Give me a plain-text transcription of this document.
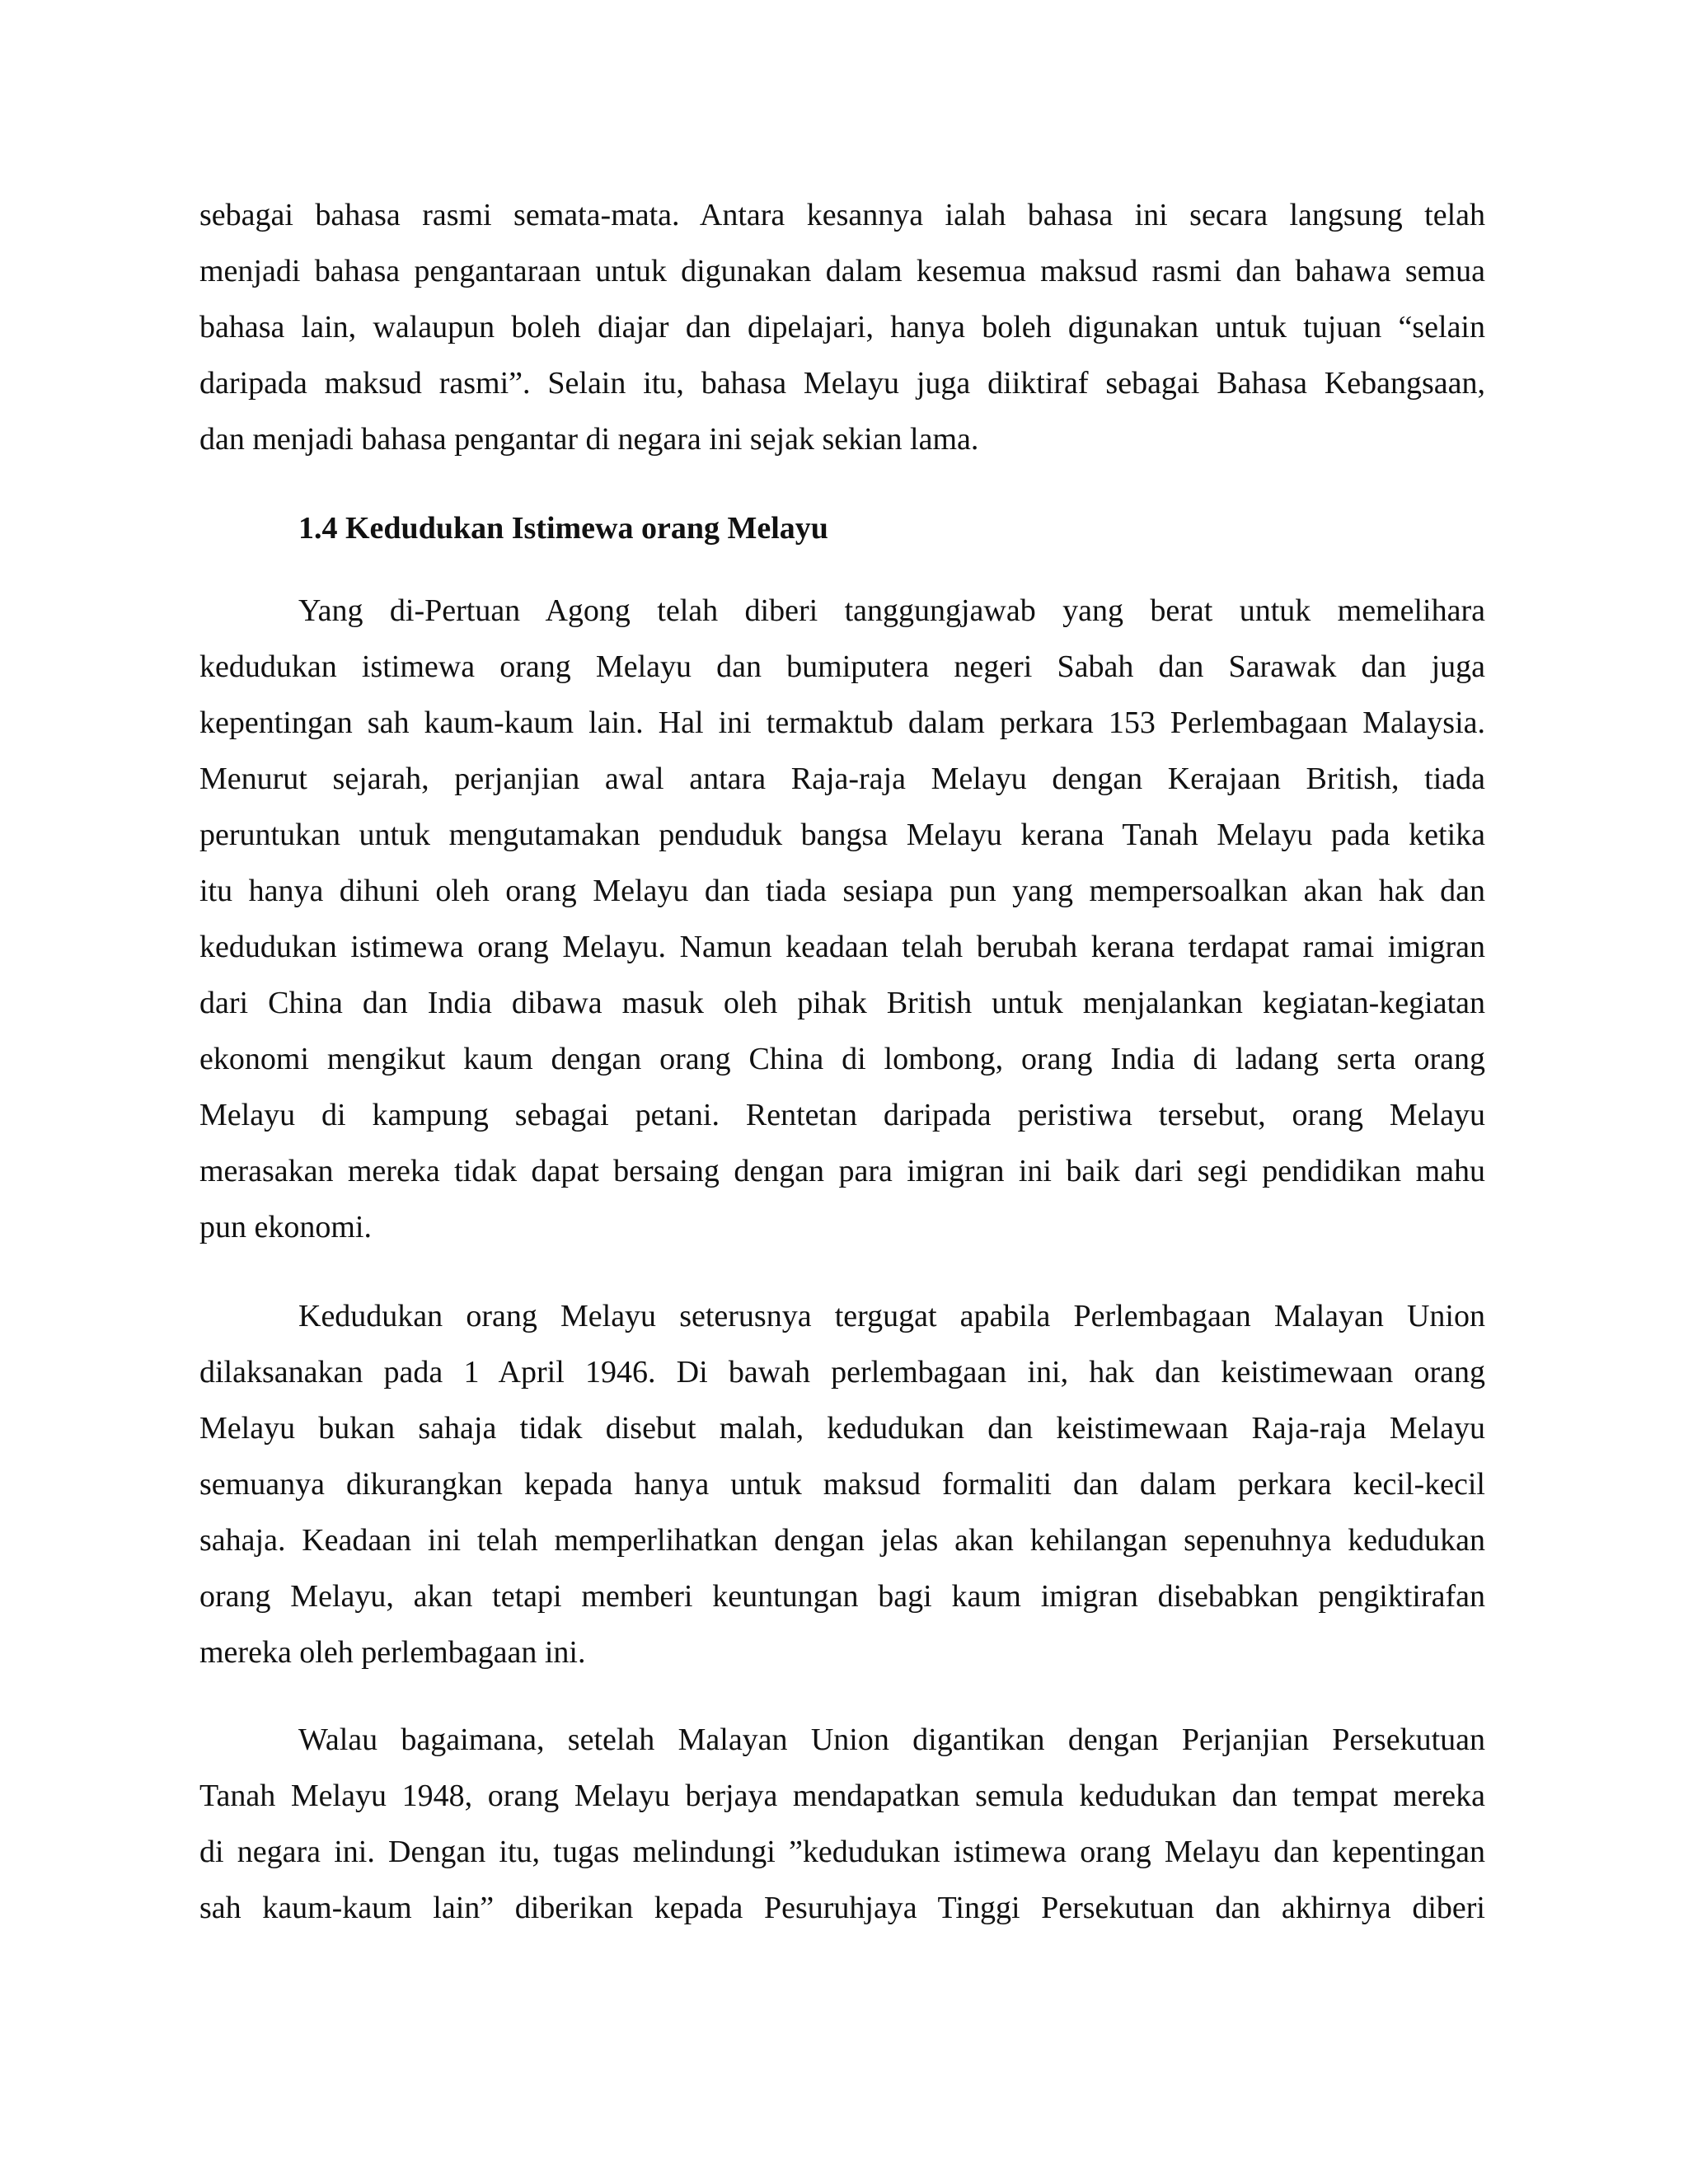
sebagai bahasa rasmi semata-mata. Antara kesannya ialah bahasa ini secara langsung telah
menjadi bahasa pengantaraan untuk digunakan dalam kesemua maksud rasmi dan bahawa semua
bahasa lain, walaupun boleh diajar dan dipelajari, hanya boleh digunakan untuk tujuan “selain
daripada maksud rasmi”. Selain itu, bahasa Melayu juga diiktiraf sebagai Bahasa Kebangsaan,
dan menjadi bahasa pengantar di negara ini sejak sekian lama.
1.4 Kedudukan Istimewa orang Melayu
Yang di-Pertuan Agong telah diberi tanggungjawab yang berat untuk memelihara
kedudukan istimewa orang Melayu dan bumiputera negeri Sabah dan Sarawak dan juga
kepentingan sah kaum-kaum lain. Hal ini termaktub dalam perkara 153 Perlembagaan Malaysia.
Menurut sejarah, perjanjian awal antara Raja-raja Melayu dengan Kerajaan British, tiada
peruntukan untuk mengutamakan penduduk bangsa Melayu kerana Tanah Melayu pada ketika
itu hanya dihuni oleh orang Melayu dan tiada sesiapa pun yang mempersoalkan akan hak dan
kedudukan istimewa orang Melayu. Namun keadaan telah berubah kerana terdapat ramai imigran
dari China dan India dibawa masuk oleh pihak British untuk menjalankan kegiatan-kegiatan
ekonomi mengikut kaum dengan orang China di lombong, orang India di ladang serta orang
Melayu di kampung sebagai petani. Rentetan daripada peristiwa tersebut, orang Melayu
merasakan mereka tidak dapat bersaing dengan para imigran ini baik dari segi pendidikan mahu
pun ekonomi.
Kedudukan orang Melayu seterusnya tergugat apabila Perlembagaan Malayan Union
dilaksanakan pada 1 April 1946. Di bawah perlembagaan ini, hak dan keistimewaan orang
Melayu bukan sahaja tidak disebut malah, kedudukan dan keistimewaan Raja-raja Melayu
semuanya dikurangkan kepada hanya untuk maksud formaliti dan dalam perkara kecil-kecil
sahaja. Keadaan ini telah memperlihatkan dengan jelas akan kehilangan sepenuhnya kedudukan
orang Melayu, akan tetapi memberi keuntungan bagi kaum imigran disebabkan pengiktirafan
mereka oleh perlembagaan ini.
Walau bagaimana, setelah Malayan Union digantikan dengan Perjanjian Persekutuan
Tanah Melayu 1948, orang Melayu berjaya mendapatkan semula kedudukan dan tempat mereka
di negara ini. Dengan itu, tugas melindungi ”kedudukan istimewa orang Melayu dan kepentingan
sah kaum-kaum lain” diberikan kepada Pesuruhjaya Tinggi Persekutuan dan akhirnya diberi
